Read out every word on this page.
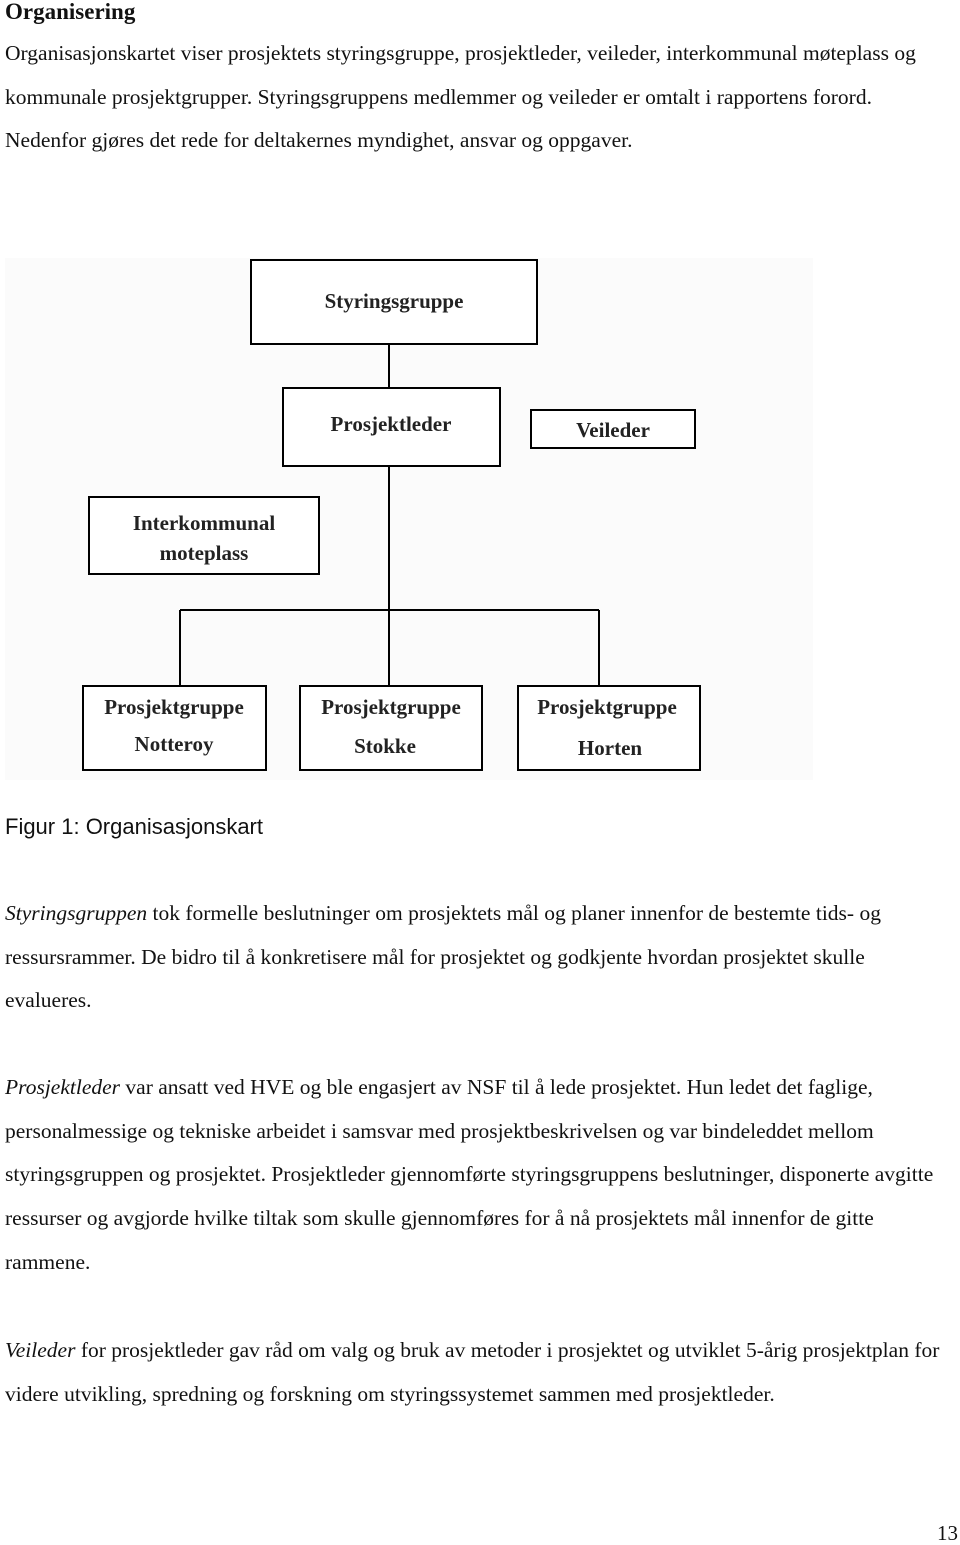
Organisering

Organisasjonskartet viser prosjektets styringsgruppe, prosjektleder, veileder, interkommunal møteplass og kommunale prosjektgrupper. Styringsgruppens medlemmer og veileder er omtalt i rapportens forord. Nedenfor gjøres det rede for deltakernes myndighet, ansvar og oppgaver.

Styringsgruppe
Prosjektleder	Veileder
Interkommunal
moteplass
Prosjektgruppe
Notteroy
Prosjektgruppe
Stokke
Prosjektgruppe
Horten

Figur 1: Organisasjonskart

Styringsgruppen tok formelle beslutninger om prosjektets mål og planer innenfor de bestemte tids- og ressursrammer. De bidro til å konkretisere mål for prosjektet og godkjente hvordan prosjektet skulle evalueres.

Prosjektleder var ansatt ved HVE og ble engasjert av NSF til å lede prosjektet. Hun ledet det faglige, personalmessige og tekniske arbeidet i samsvar med prosjektbeskrivelsen og var bindeleddet mellom styringsgruppen og prosjektet. Prosjektleder gjennomførte styringsgruppens beslutninger, disponerte avgitte ressurser og avgjorde hvilke tiltak som skulle gjennomføres for å nå prosjektets mål innenfor de gitte rammene.

Veileder for prosjektleder gav råd om valg og bruk av metoder i prosjektet og utviklet 5-årig prosjektplan for videre utvikling, spredning og forskning om styringssystemet sammen med prosjektleder.

13
